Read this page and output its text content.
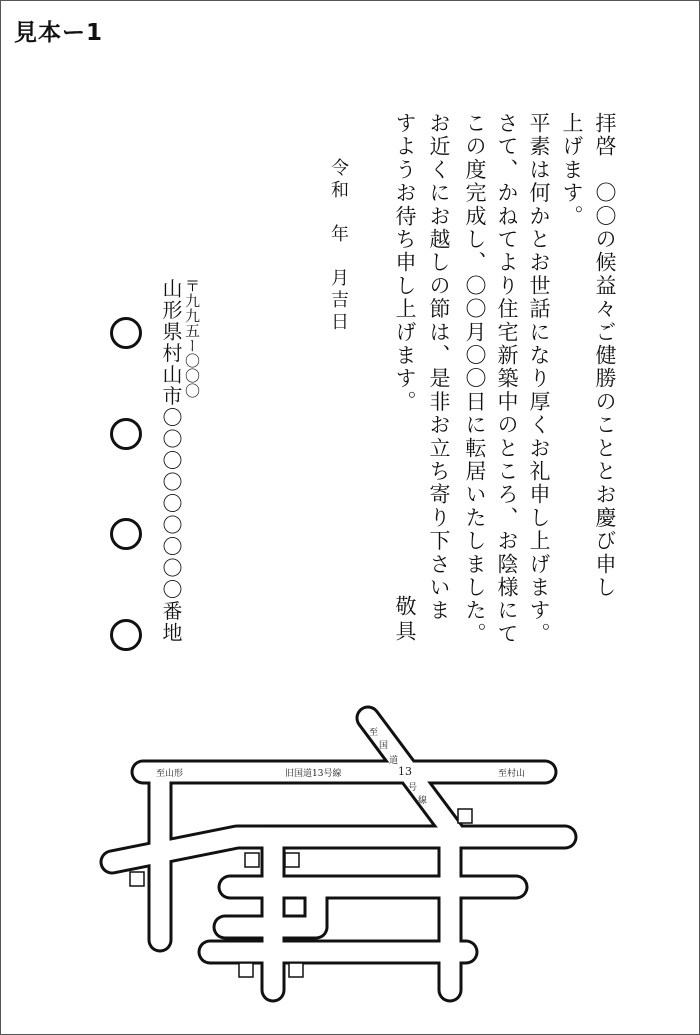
見本ー1
拝啓　〇〇の候益々ご健勝のこととお慶び申し
上げます。
平素は何かとお世話になり厚くお礼申し上げます。
さて、かねてより住宅新築中のところ、お陰様にて
この度完成し、〇〇月〇〇日に転居いたしました。
お近くにお越しの節は、是非お立ち寄り下さいま
すようお待ち申し上げます。
敬具
令和　年　月吉日
〒九九五ー〇〇〇
山形県村山市〇〇〇〇〇〇〇〇〇番地
至山形	旧国道13号線	至村山
至
国
道
13
号
線
